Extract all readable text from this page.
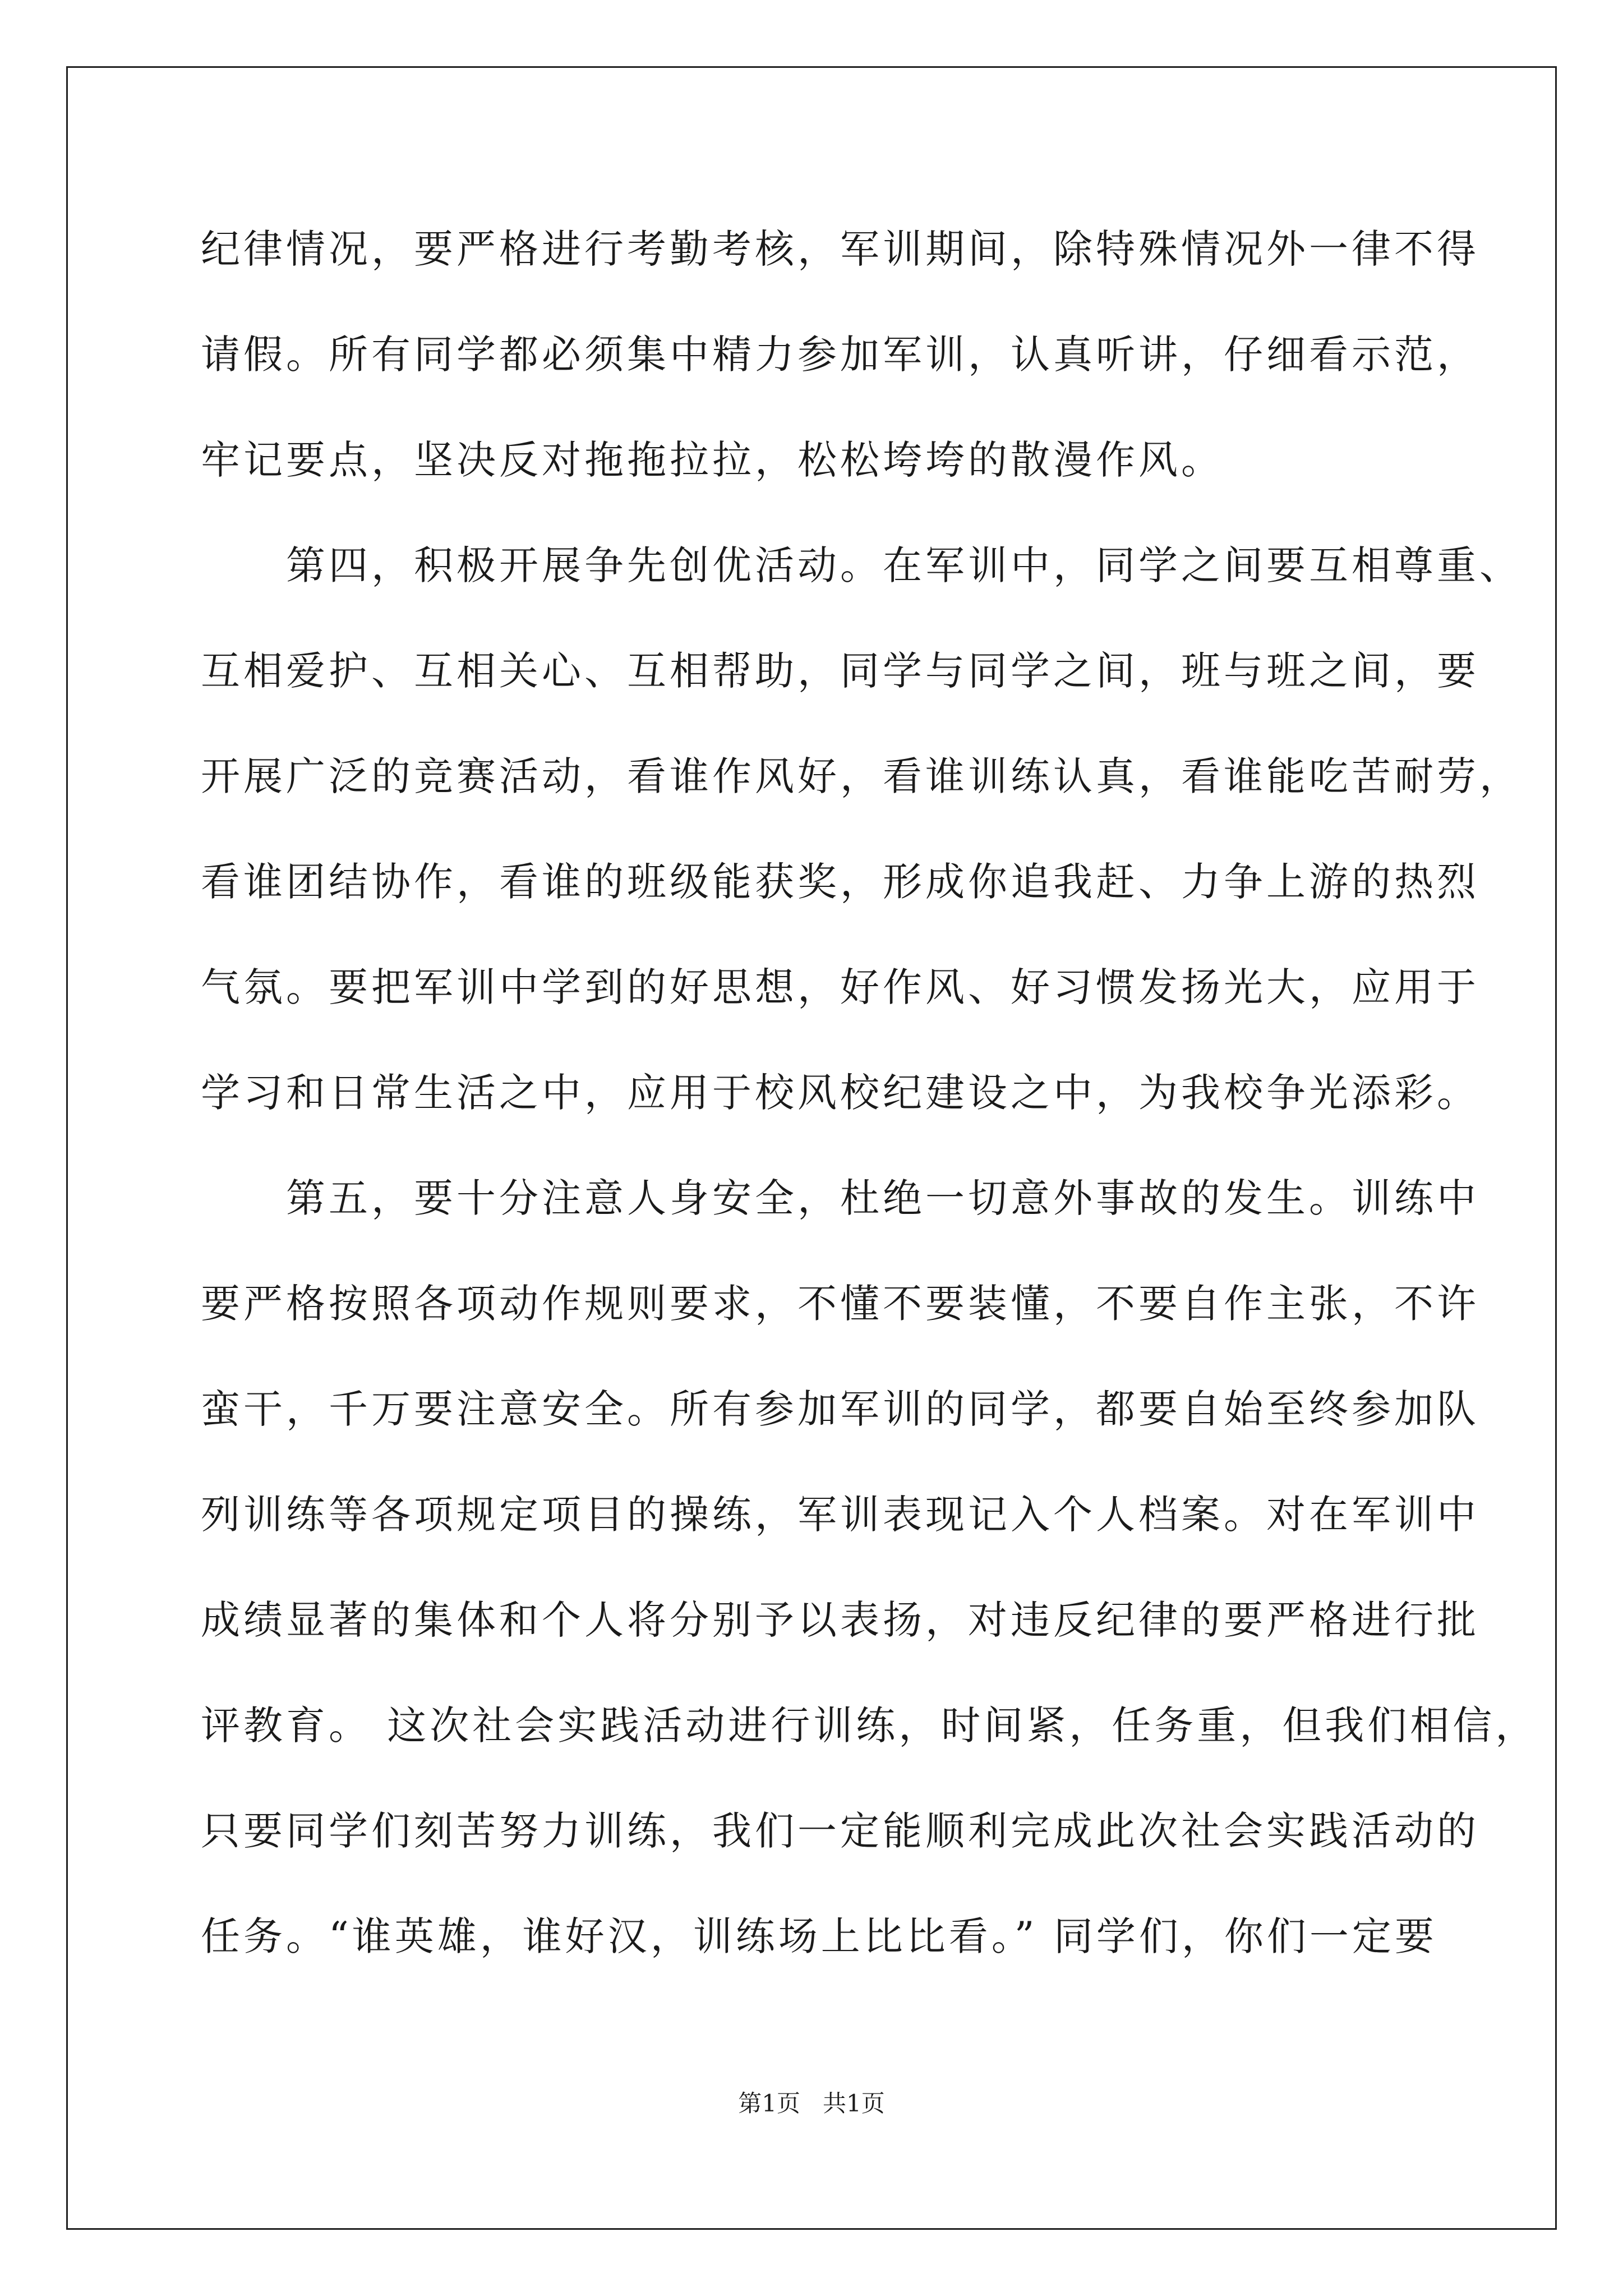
纪律情况，要严格进行考勤考核，军训期间，除特殊情况外一律不得
请假。所有同学都必须集中精力参加军训，认真听讲，仔细看示范，
牢记要点，坚决反对拖拖拉拉，松松垮垮的散漫作风。
　　第四，积极开展争先创优活动。在军训中，同学之间要互相尊重、
互相爱护、互相关心、互相帮助，同学与同学之间，班与班之间，要
开展广泛的竞赛活动，看谁作风好，看谁训练认真，看谁能吃苦耐劳，
看谁团结协作，看谁的班级能获奖，形成你追我赶、力争上游的热烈
气氛。要把军训中学到的好思想，好作风、好习惯发扬光大，应用于
学习和日常生活之中，应用于校风校纪建设之中，为我校争光添彩。
　　第五，要十分注意人身安全，杜绝一切意外事故的发生。训练中
要严格按照各项动作规则要求，不懂不要装懂，不要自作主张，不许
蛮干，千万要注意安全。所有参加军训的同学，都要自始至终参加队
列训练等各项规定项目的操练，军训表现记入个人档案。对在军训中
成绩显著的集体和个人将分别予以表扬，对违反纪律的要严格进行批
评教育。 这次社会实践活动进行训练，时间紧，任务重，但我们相信，
只要同学们刻苦努力训练，我们一定能顺利完成此次社会实践活动的
任务。“谁英雄，谁好汉，训练场上比比看。” 同学们，你们一定要
第1页   共1页
